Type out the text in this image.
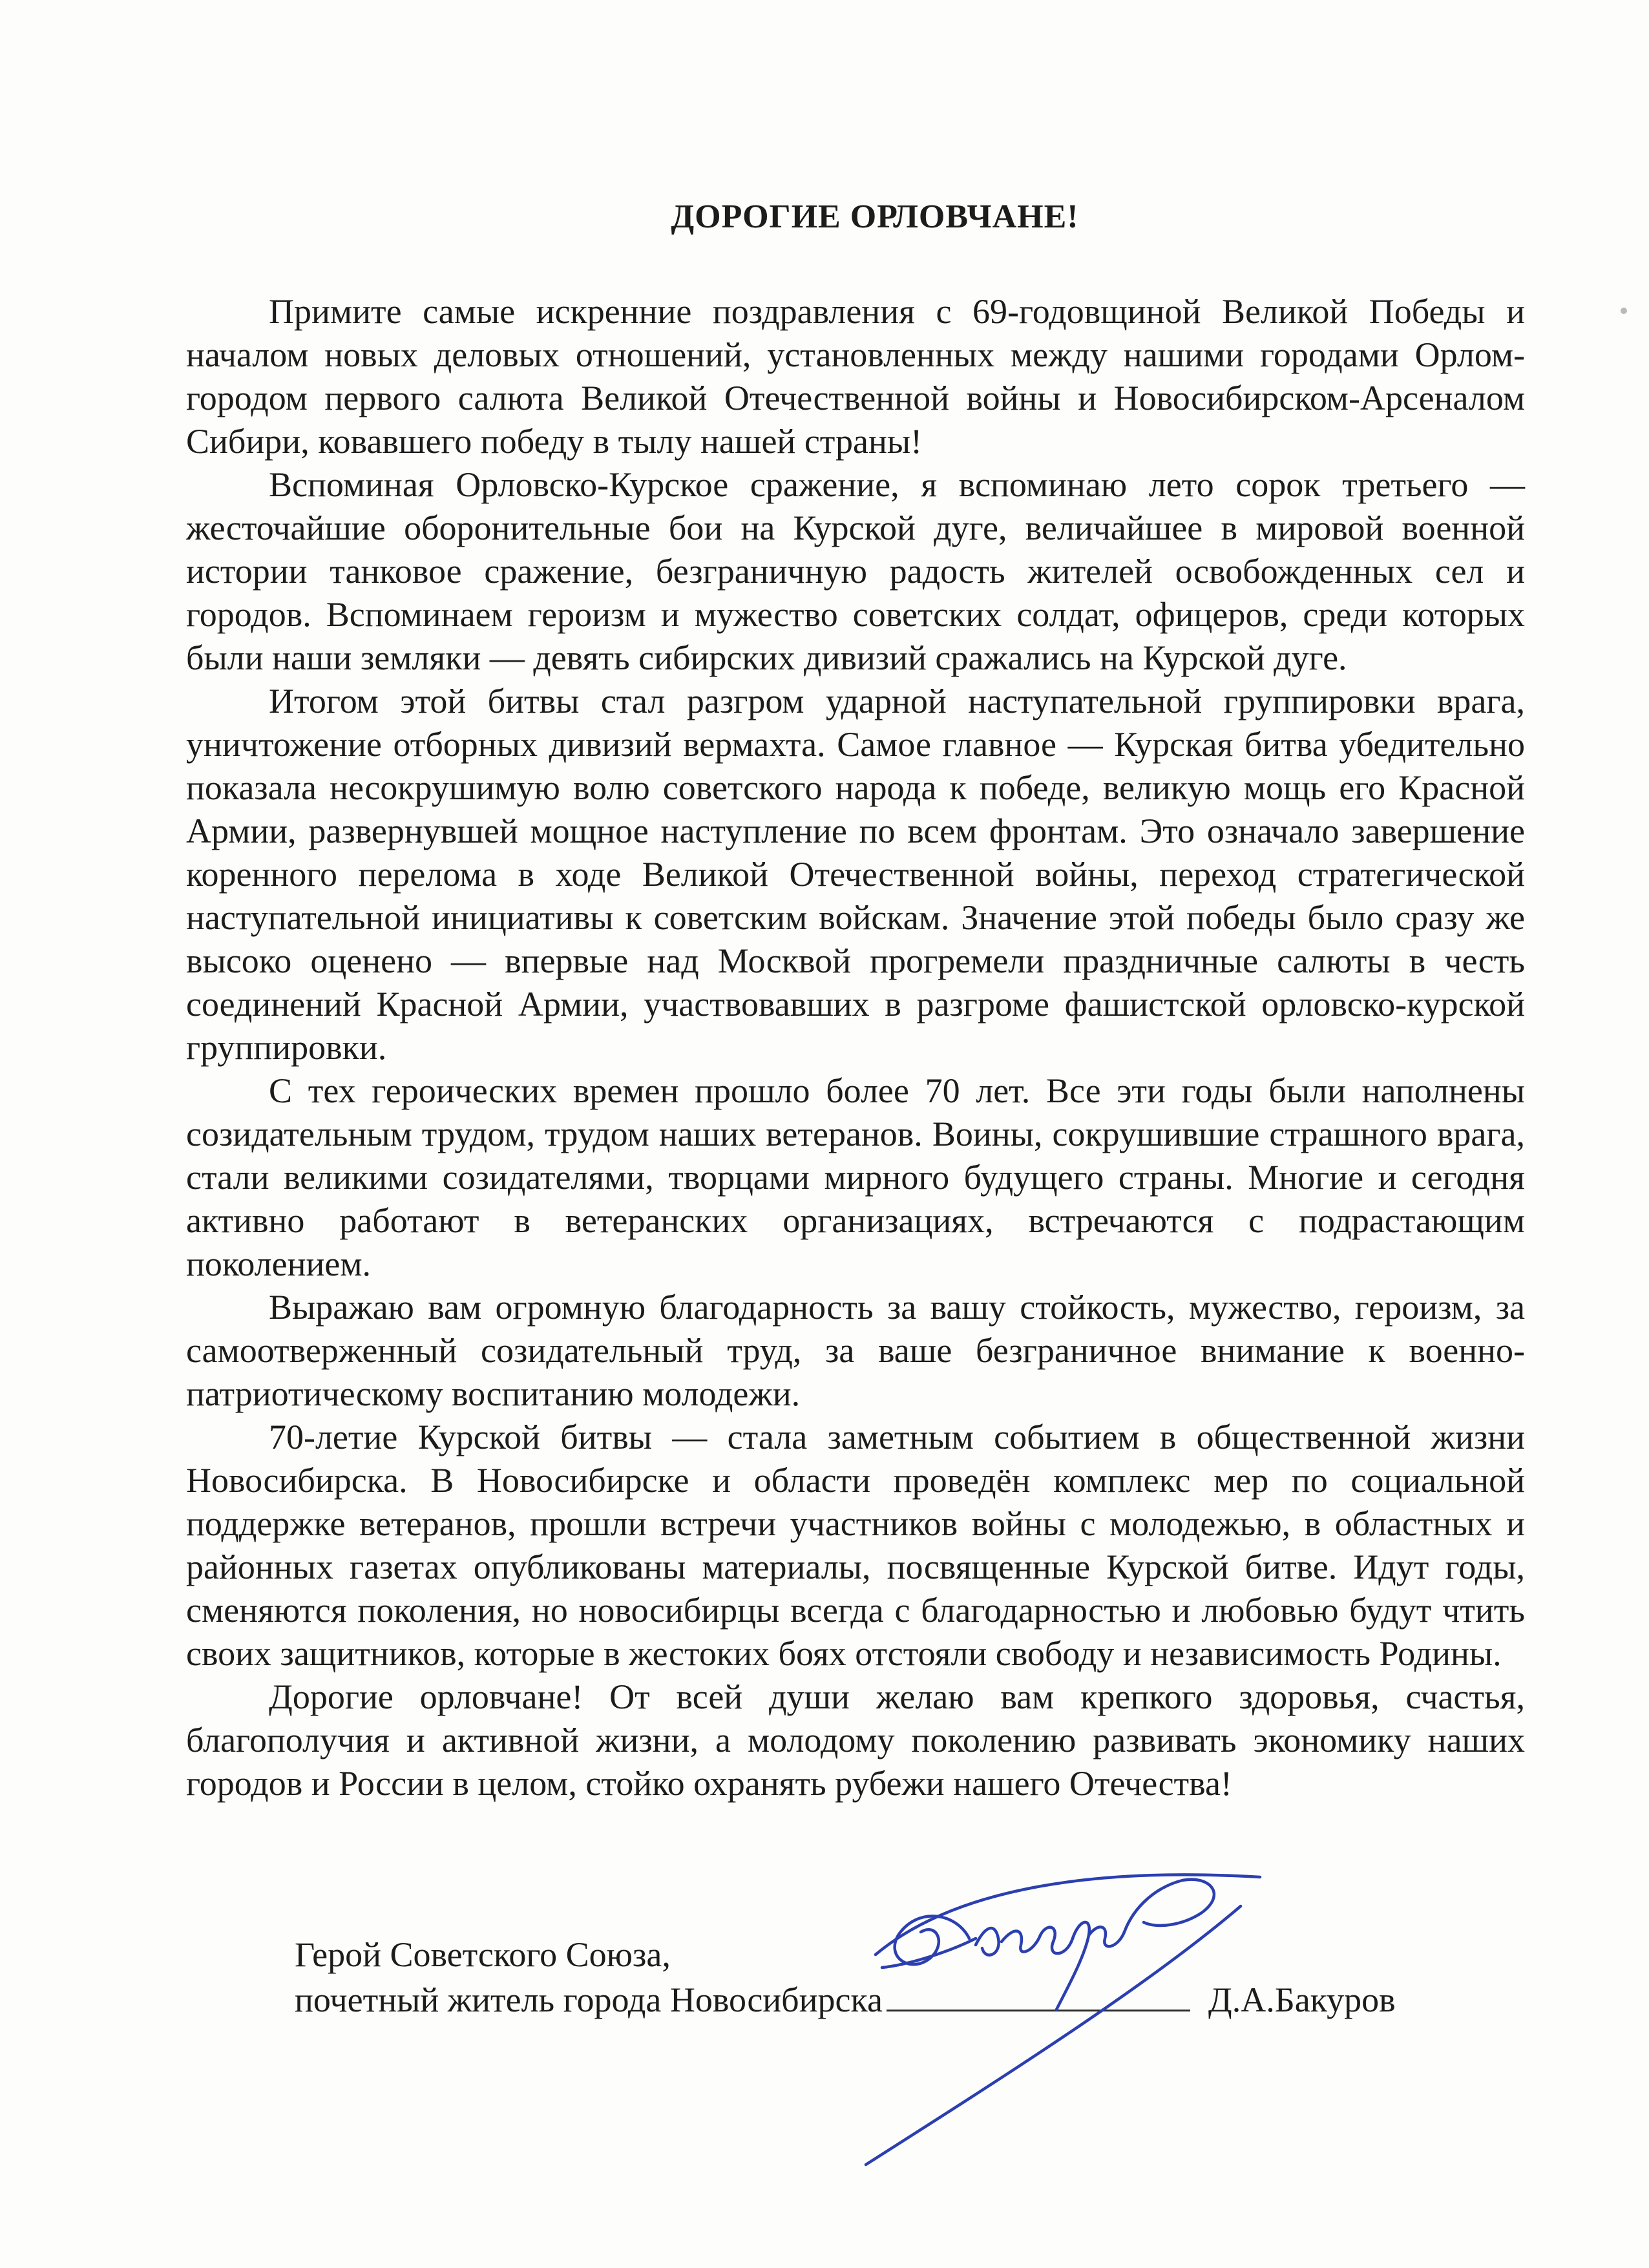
ДОРОГИЕ ОРЛОВЧАНЕ!

Примите самые искренние поздравления с 69-годовщиной Великой Победы и началом новых деловых отношений, установленных между нашими городами Орлом-городом первого салюта Великой Отечественной войны и Новосибирском-Арсеналом Сибири, ковавшего победу в тылу нашей страны!

Вспоминая Орловско-Курское сражение, я вспоминаю лето сорок третьего — жесточайшие оборонительные бои на Курской дуге, величайшее в мировой военной истории танковое сражение, безграничную радость жителей освобожденных сел и городов. Вспоминаем героизм и мужество советских солдат, офицеров, среди которых были наши земляки — девять сибирских дивизий сражались на Курской дуге.

Итогом этой битвы стал разгром ударной наступательной группировки врага, уничтожение отборных дивизий вермахта. Самое главное — Курская битва убедительно показала несокрушимую волю советского народа к победе, великую мощь его Красной Армии, развернувшей мощное наступление по всем фронтам. Это означало завершение коренного перелома в ходе Великой Отечественной войны, переход стратегической наступательной инициативы к советским войскам. Значение этой победы было сразу же высоко оценено — впервые над Москвой прогремели праздничные салюты в честь соединений Красной Армии, участвовавших в разгроме фашистской орловско-курской группировки.

С тех героических времен прошло более 70 лет. Все эти годы были наполнены созидательным трудом, трудом наших ветеранов. Воины, сокрушившие страшного врага, стали великими созидателями, творцами мирного будущего страны. Многие и сегодня активно работают в ветеранских организациях, встречаются с подрастающим поколением.

Выражаю вам огромную благодарность за вашу стойкость, мужество, героизм, за самоотверженный созидательный труд, за ваше безграничное внимание к военно-патриотическому воспитанию молодежи.

70-летие Курской битвы — стала заметным событием в общественной жизни Новосибирска. В Новосибирске и области проведён комплекс мер по социальной поддержке ветеранов, прошли встречи участников войны с молодежью, в областных и районных газетах опубликованы материалы, посвященные Курской битве. Идут годы, сменяются поколения, но новосибирцы всегда с благодарностью и любовью будут чтить своих защитников, которые в жестоких боях отстояли свободу и независимость Родины.

Дорогие орловчане! От всей души желаю вам крепкого здоровья, счастья, благополучия и активной жизни, а молодому поколению развивать экономику наших городов и России в целом, стойко охранять рубежи нашего Отечества!

Герой Советского Союза,
почетный житель города Новосибирска	Д.А.Бакуров
